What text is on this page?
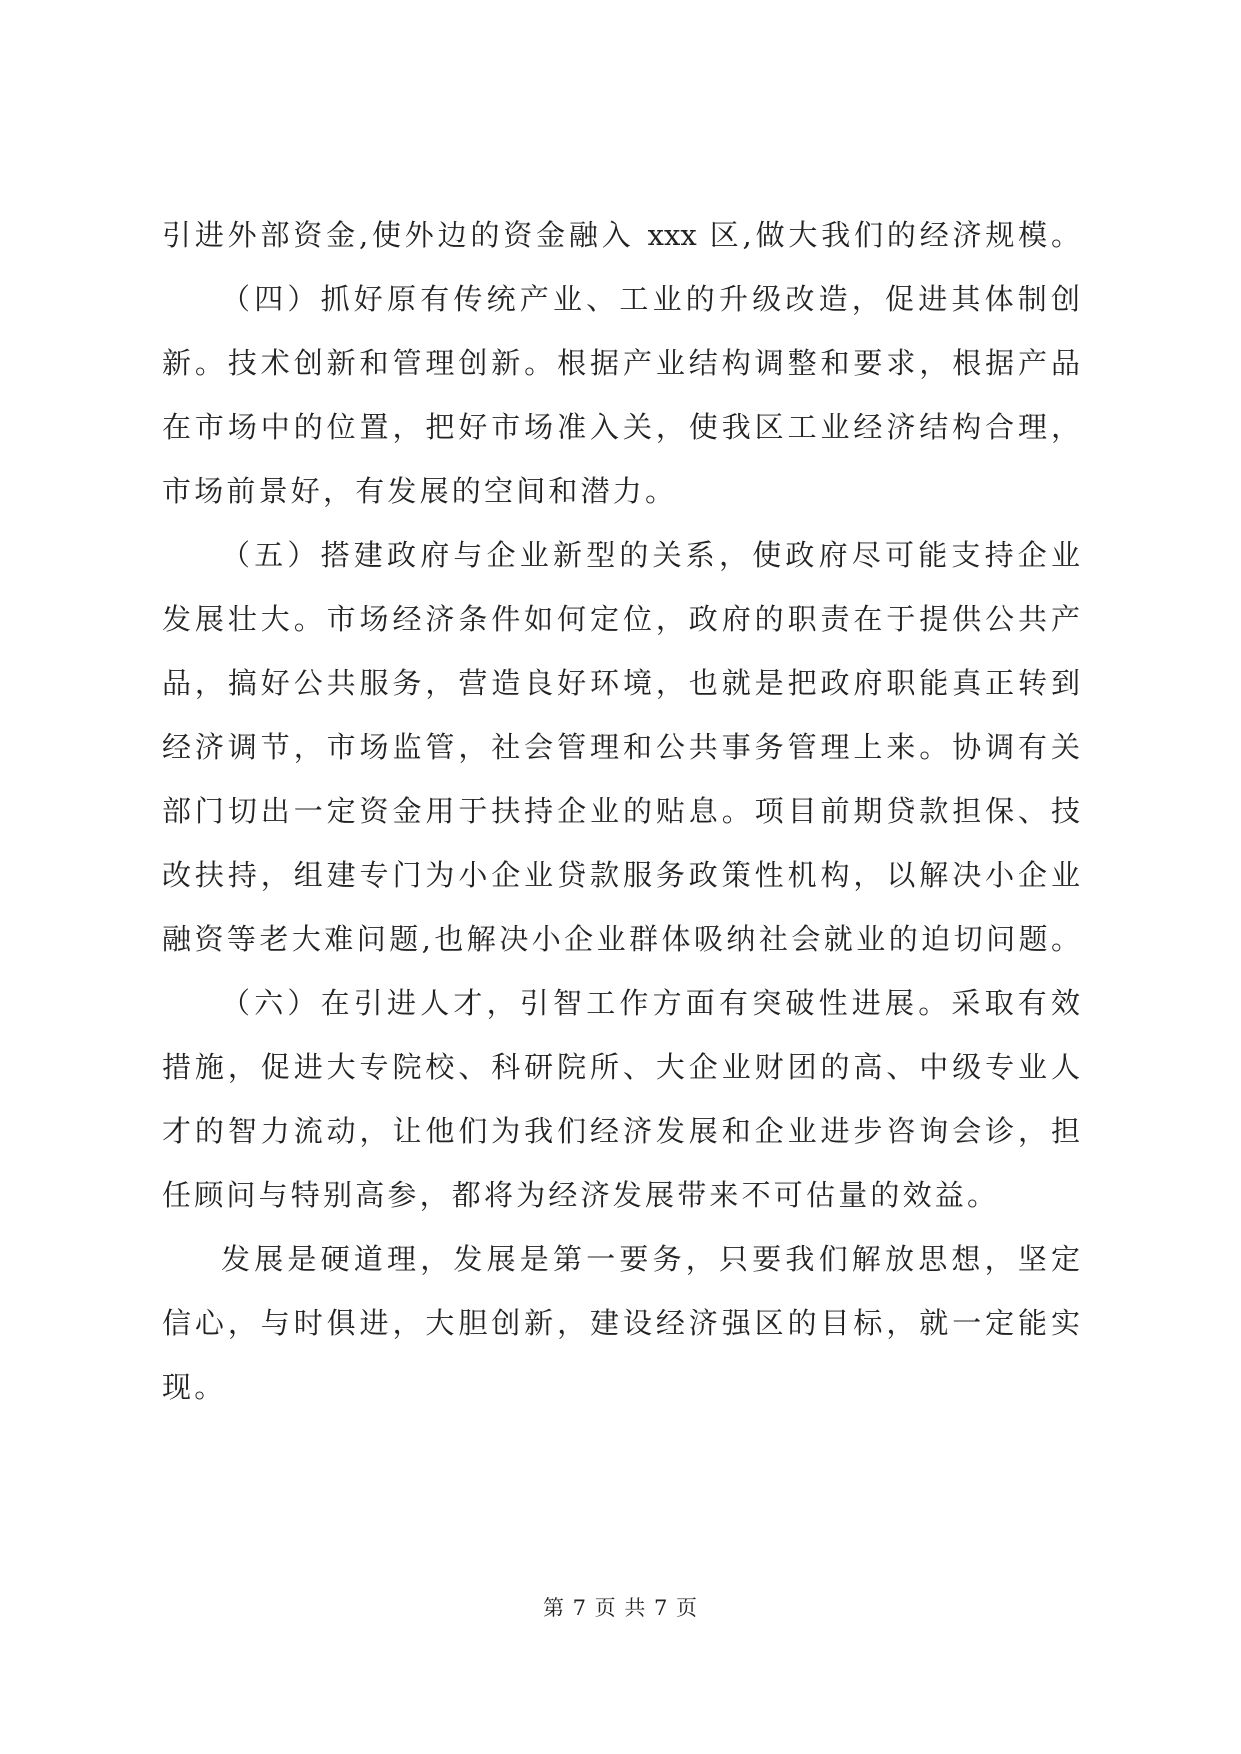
引进外部资金,使外边的资金融入 xxx 区,做大我们的经济规模。
（四）抓好原有传统产业、工业的升级改造，促进其体制创
新。技术创新和管理创新。根据产业结构调整和要求，根据产品
在市场中的位置，把好市场准入关，使我区工业经济结构合理，
市场前景好，有发展的空间和潜力。
（五）搭建政府与企业新型的关系，使政府尽可能支持企业
发展壮大。市场经济条件如何定位，政府的职责在于提供公共产
品，搞好公共服务，营造良好环境，也就是把政府职能真正转到
经济调节，市场监管，社会管理和公共事务管理上来。协调有关
部门切出一定资金用于扶持企业的贴息。项目前期贷款担保、技
改扶持，组建专门为小企业贷款服务政策性机构，以解决小企业
融资等老大难问题,也解决小企业群体吸纳社会就业的迫切问题。
（六）在引进人才，引智工作方面有突破性进展。采取有效
措施，促进大专院校、科研院所、大企业财团的高、中级专业人
才的智力流动，让他们为我们经济发展和企业进步咨询会诊，担
任顾问与特别高参，都将为经济发展带来不可估量的效益。
发展是硬道理，发展是第一要务，只要我们解放思想，坚定
信心，与时俱进，大胆创新，建设经济强区的目标，就一定能实
现。
第 7 页 共 7 页
